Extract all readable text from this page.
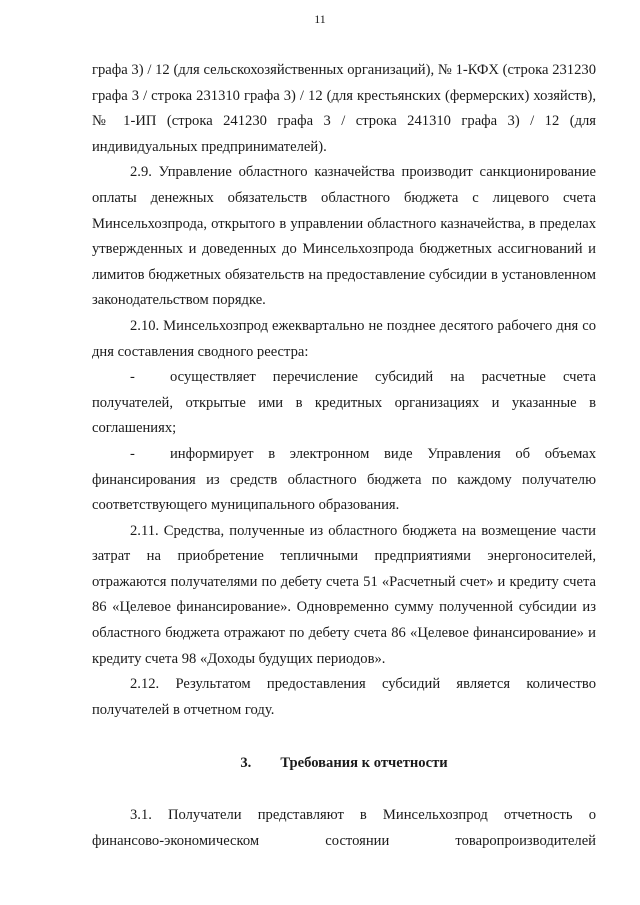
11

графа 3) / 12 (для сельскохозяйственных организаций), № 1-КФХ (строка 231230 графа 3 / строка 231310 графа 3) / 12 (для крестьянских (фермерских) хозяйств), № 1-ИП (строка 241230 графа 3 / строка 241310 графа 3) / 12 (для индивидуальных предпринимателей).

2.9. Управление областного казначейства производит санкционирование оплаты денежных обязательств областного бюджета с лицевого счета Минсельхозпрода, открытого в управлении областного казначейства, в пределах утвержденных и доведенных до Минсельхозпрода бюджетных ассигнований и лимитов бюджетных обязательств на предоставление субсидии в установленном законодательством порядке.

2.10. Минсельхозпрод ежеквартально не позднее десятого рабочего дня со дня составления сводного реестра:

- осуществляет перечисление субсидий на расчетные счета получателей, открытые ими в кредитных организациях и указанные в соглашениях;

- информирует в электронном виде Управления об объемах финансирования из средств областного бюджета по каждому получателю соответствующего муниципального образования.

2.11. Средства, полученные из областного бюджета на возмещение части затрат на приобретение тепличными предприятиями энергоносителей, отражаются получателями по дебету счета 51 «Расчетный счет» и кредиту счета 86 «Целевое финансирование». Одновременно сумму полученной субсидии из областного бюджета отражают по дебету счета 86 «Целевое финансирование» и кредиту счета 98 «Доходы будущих периодов».

2.12. Результатом предоставления субсидий является количество получателей в отчетном году.

3. Требования к отчетности

3.1. Получатели представляют в Минсельхозпрод отчетность о финансово-экономическом состоянии товаропроизводителей
